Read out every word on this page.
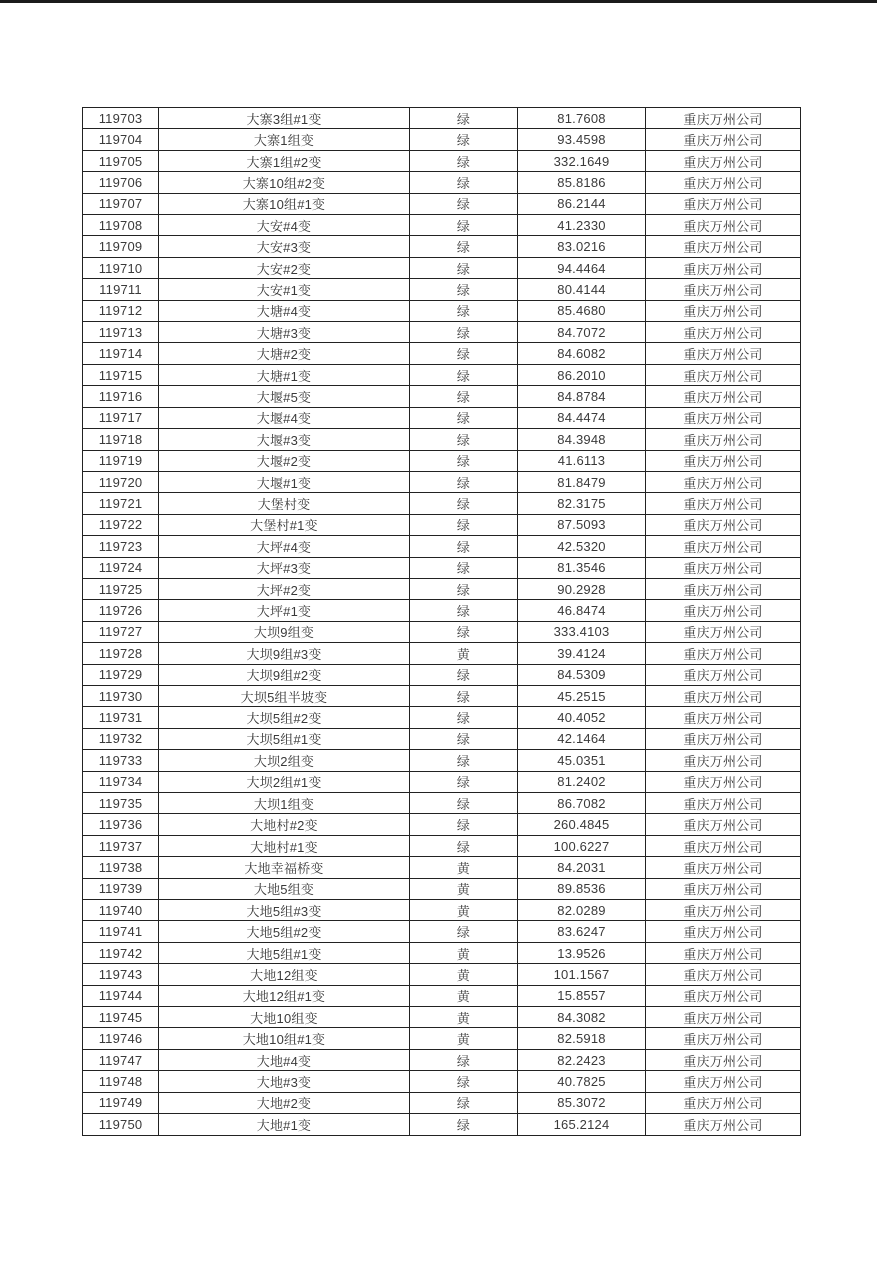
119703	大寨3组#1变	绿	81.7608	重庆万州公司
119704	大寨1组变	绿	93.4598	重庆万州公司
119705	大寨1组#2变	绿	332.1649	重庆万州公司
119706	大寨10组#2变	绿	85.8186	重庆万州公司
119707	大寨10组#1变	绿	86.2144	重庆万州公司
119708	大安#4变	绿	41.2330	重庆万州公司
119709	大安#3变	绿	83.0216	重庆万州公司
119710	大安#2变	绿	94.4464	重庆万州公司
119711	大安#1变	绿	80.4144	重庆万州公司
119712	大塘#4变	绿	85.4680	重庆万州公司
119713	大塘#3变	绿	84.7072	重庆万州公司
119714	大塘#2变	绿	84.6082	重庆万州公司
119715	大塘#1变	绿	86.2010	重庆万州公司
119716	大堰#5变	绿	84.8784	重庆万州公司
119717	大堰#4变	绿	84.4474	重庆万州公司
119718	大堰#3变	绿	84.3948	重庆万州公司
119719	大堰#2变	绿	41.6113	重庆万州公司
119720	大堰#1变	绿	81.8479	重庆万州公司
119721	大堡村变	绿	82.3175	重庆万州公司
119722	大堡村#1变	绿	87.5093	重庆万州公司
119723	大坪#4变	绿	42.5320	重庆万州公司
119724	大坪#3变	绿	81.3546	重庆万州公司
119725	大坪#2变	绿	90.2928	重庆万州公司
119726	大坪#1变	绿	46.8474	重庆万州公司
119727	大坝9组变	绿	333.4103	重庆万州公司
119728	大坝9组#3变	黄	39.4124	重庆万州公司
119729	大坝9组#2变	绿	84.5309	重庆万州公司
119730	大坝5组半坡变	绿	45.2515	重庆万州公司
119731	大坝5组#2变	绿	40.4052	重庆万州公司
119732	大坝5组#1变	绿	42.1464	重庆万州公司
119733	大坝2组变	绿	45.0351	重庆万州公司
119734	大坝2组#1变	绿	81.2402	重庆万州公司
119735	大坝1组变	绿	86.7082	重庆万州公司
119736	大地村#2变	绿	260.4845	重庆万州公司
119737	大地村#1变	绿	100.6227	重庆万州公司
119738	大地幸福桥变	黄	84.2031	重庆万州公司
119739	大地5组变	黄	89.8536	重庆万州公司
119740	大地5组#3变	黄	82.0289	重庆万州公司
119741	大地5组#2变	绿	83.6247	重庆万州公司
119742	大地5组#1变	黄	13.9526	重庆万州公司
119743	大地12组变	黄	101.1567	重庆万州公司
119744	大地12组#1变	黄	15.8557	重庆万州公司
119745	大地10组变	黄	84.3082	重庆万州公司
119746	大地10组#1变	黄	82.5918	重庆万州公司
119747	大地#4变	绿	82.2423	重庆万州公司
119748	大地#3变	绿	40.7825	重庆万州公司
119749	大地#2变	绿	85.3072	重庆万州公司
119750	大地#1变	绿	165.2124	重庆万州公司
